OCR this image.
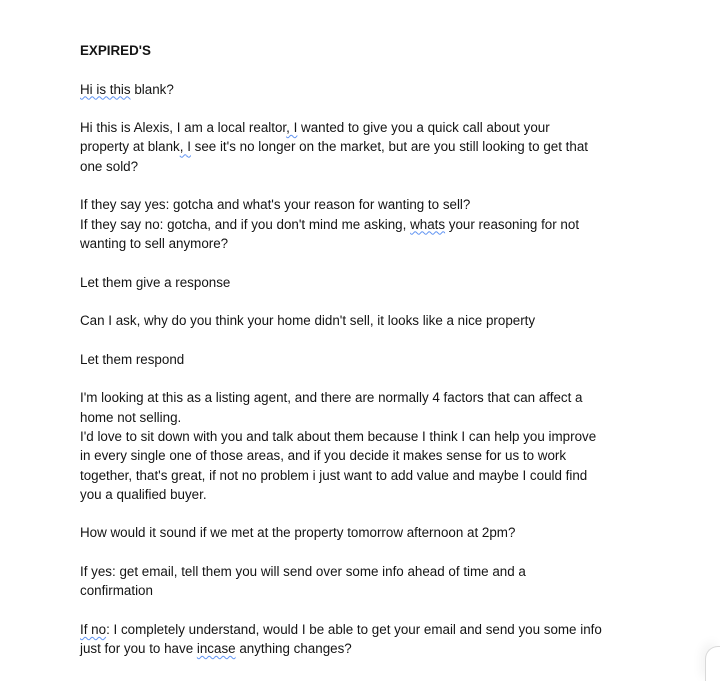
EXPIRED'S
Hi is this blank?
Hi this is Alexis, I am a local realtor, I wanted to give you a quick call about your
property at blank, I see it's no longer on the market, but are you still looking to get that
one sold?
If they say yes: gotcha and what's your reason for wanting to sell?
If they say no: gotcha, and if you don't mind me asking, whats your reasoning for not
wanting to sell anymore?
Let them give a response
Can I ask, why do you think your home didn't sell, it looks like a nice property
Let them respond
I'm looking at this as a listing agent, and there are normally 4 factors that can affect a
home not selling.
I'd love to sit down with you and talk about them because I think I can help you improve
in every single one of those areas, and if you decide it makes sense for us to work
together, that's great, if not no problem i just want to add value and maybe I could find
you a qualified buyer.
How would it sound if we met at the property tomorrow afternoon at 2pm?
If yes: get email, tell them you will send over some info ahead of time and a
confirmation
If no: I completely understand, would I be able to get your email and send you some info
just for you to have incase anything changes?
